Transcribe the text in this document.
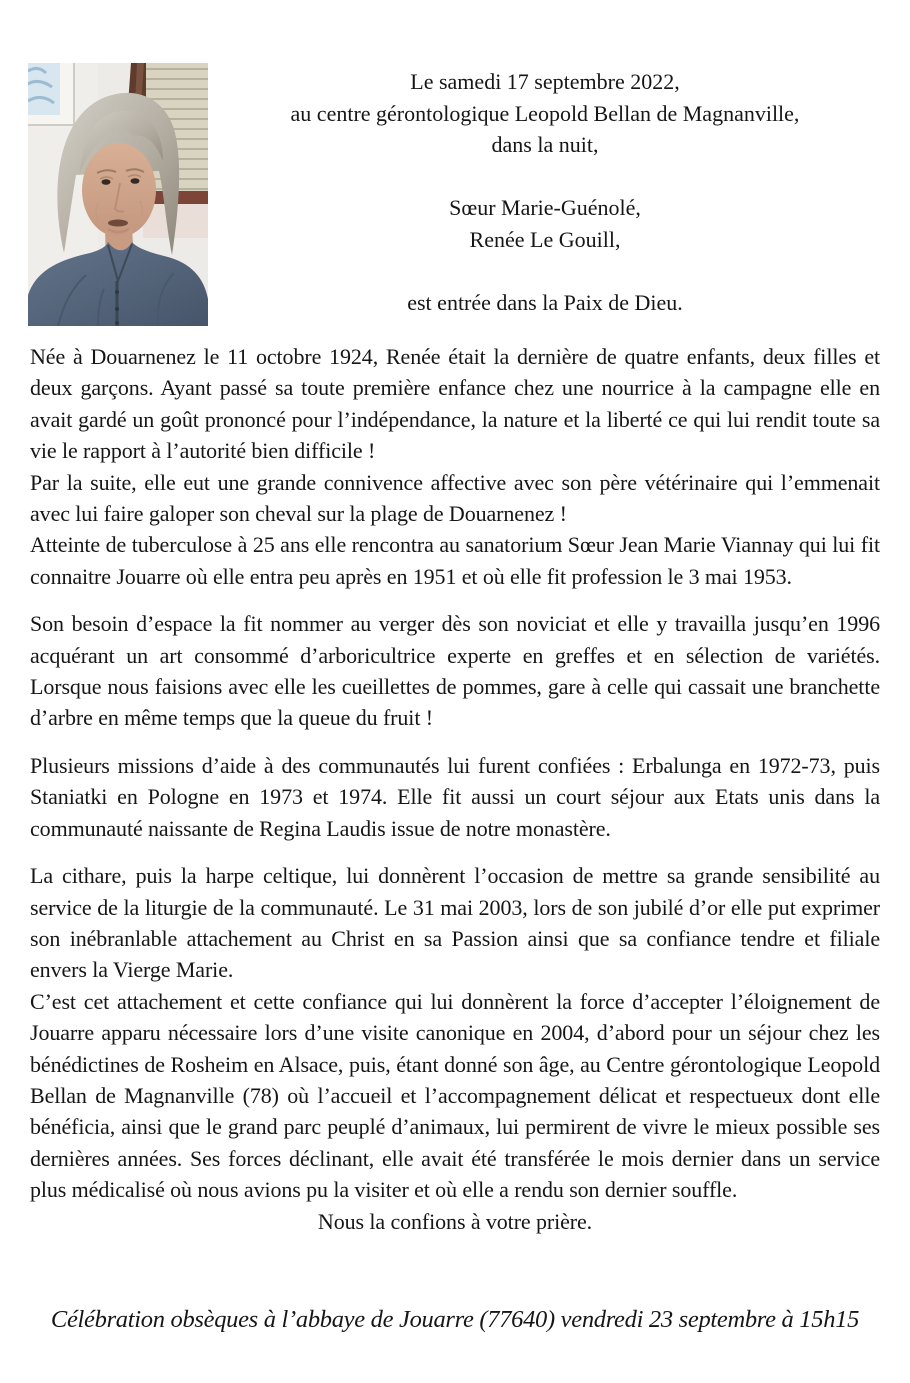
Le samedi 17 septembre 2022,
au centre gérontologique Leopold Bellan de Magnanville,
dans la nuit,
Sœur Marie-Guénolé,
Renée Le Gouill,
est entrée dans la Paix de Dieu.

Née à Douarnenez le 11 octobre 1924, Renée était la dernière de quatre enfants, deux filles et deux garçons. Ayant passé sa toute première enfance chez une nourrice à la campagne elle en avait gardé un goût prononcé pour l’indépendance, la nature et la liberté ce qui lui rendit toute sa vie le rapport à l’autorité bien difficile !

Par la suite, elle eut une grande connivence affective avec son père vétérinaire qui l’emmenait avec lui faire galoper son cheval sur la plage de Douarnenez !

Atteinte de tuberculose à 25 ans elle rencontra au sanatorium Sœur Jean Marie Viannay qui lui fit connaitre Jouarre où elle entra peu après en 1951 et où elle fit profession le 3 mai 1953.

Son besoin d’espace la fit nommer au verger dès son noviciat et elle y travailla jusqu’en 1996 acquérant un art consommé d’arboricultrice experte en greffes et en sélection de variétés. Lorsque nous faisions avec elle les cueillettes de pommes, gare à celle qui cassait une branchette d’arbre en même temps que la queue du fruit !

Plusieurs missions d’aide à des communautés lui furent confiées : Erbalunga en 1972-73, puis Staniatki en Pologne en 1973 et 1974. Elle fit aussi un court séjour aux Etats unis dans la communauté naissante de Regina Laudis issue de notre monastère.

La cithare, puis la harpe celtique, lui donnèrent l’occasion de mettre sa grande sensibilité au service de la liturgie de la communauté. Le 31 mai 2003, lors de son jubilé d’or elle put exprimer son inébranlable attachement au Christ en sa Passion ainsi que sa confiance tendre et filiale envers la Vierge Marie.

C’est cet attachement et cette confiance qui lui donnèrent la force d’accepter l’éloignement de Jouarre apparu nécessaire lors d’une visite canonique en 2004, d’abord pour un séjour chez les bénédictines de Rosheim en Alsace, puis, étant donné son âge, au Centre gérontologique Leopold Bellan de Magnanville (78) où l’accueil et l’accompagnement délicat et respectueux dont elle bénéficia, ainsi que le grand parc peuplé d’animaux, lui permirent de vivre le mieux possible ses dernières années. Ses forces déclinant, elle avait été transférée le mois dernier dans un service plus médicalisé où nous avions pu la visiter et où elle a rendu son dernier souffle.

Nous la confions à votre prière.

Célébration obsèques à l’abbaye de Jouarre (77640) vendredi 23 septembre à 15h15
